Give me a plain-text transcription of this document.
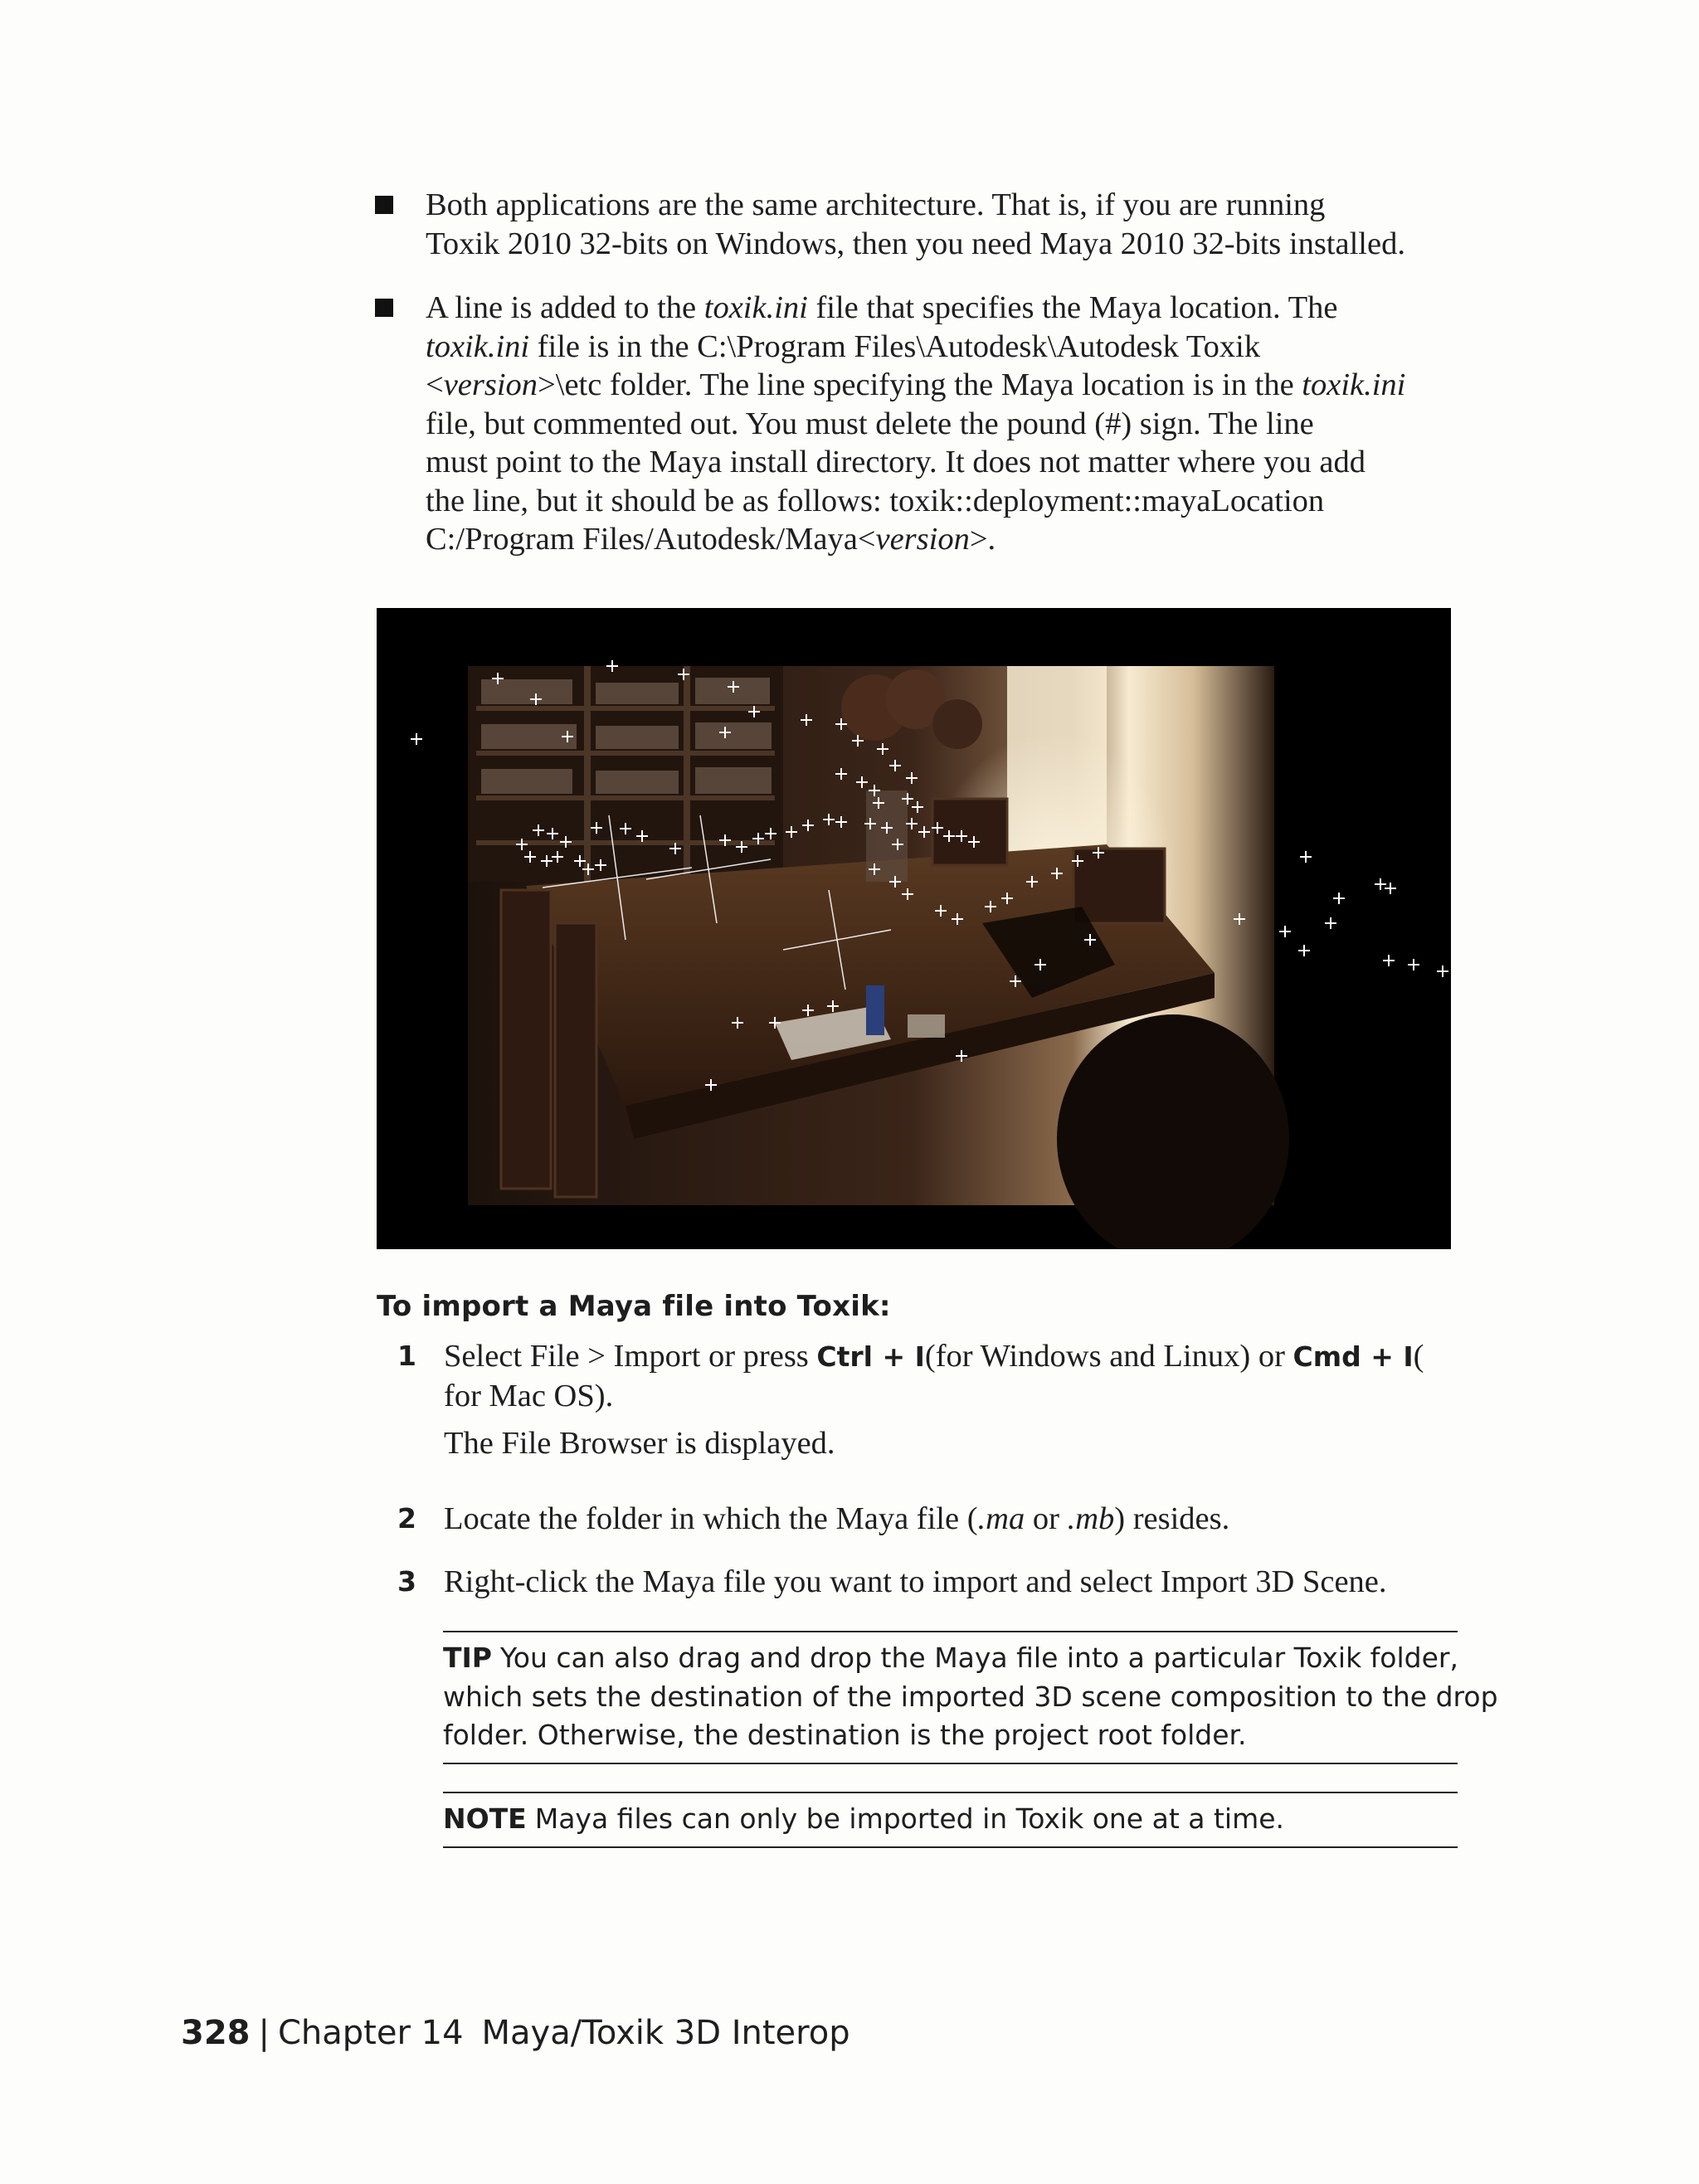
Both applications are the same architecture. That is, if you are running
Toxik 2010 32-bits on Windows, then you need Maya 2010 32-bits installed.
A line is added to the toxik.ini file that specifies the Maya location. The
toxik.ini file is in the C:\Program Files\Autodesk\Autodesk Toxik
<version>\etc folder. The line specifying the Maya location is in the toxik.ini
file, but commented out. You must delete the pound (#) sign. The line
must point to the Maya install directory. It does not matter where you add
the line, but it should be as follows: toxik::deployment::mayaLocation
C:/Program Files/Autodesk/Maya<version>.
To import a Maya file into Toxik:
1 Select File > Import or press Ctrl + I(for Windows and Linux) or Cmd + I(
for Mac OS).
The File Browser is displayed.
2 Locate the folder in which the Maya file (.ma or .mb) resides.
3 Right-click the Maya file you want to import and select Import 3D Scene.
TIP You can also drag and drop the Maya file into a particular Toxik folder,
which sets the destination of the imported 3D scene composition to the drop
folder. Otherwise, the destination is the project root folder.
NOTE Maya files can only be imported in Toxik one at a time.
328 | Chapter 14 Maya/Toxik 3D Interop
